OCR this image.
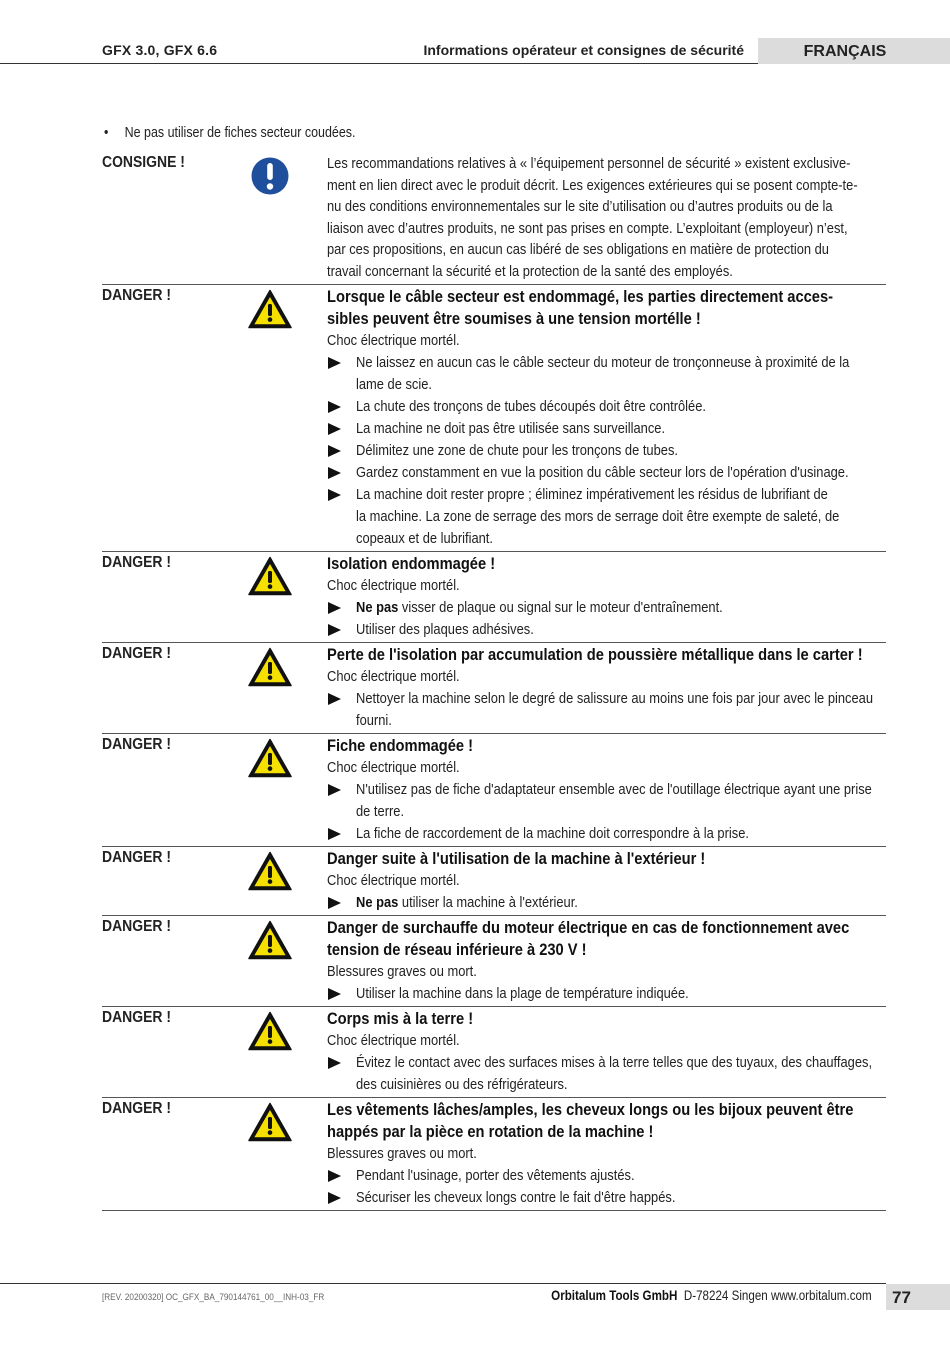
GFX 3.0, GFX 6.6	Informations opérateur et consignes de sécurité	FRANÇAIS
• Ne pas utiliser de fiches secteur coudées.
CONSIGNE !	Les recommandations relatives à « l’équipement personnel de sécurité » existent exclusive-
ment en lien direct avec le produit décrit. Les exigences extérieures qui se posent compte-te-
nu des conditions environnementales sur le site d’utilisation ou d’autres produits ou de la
liaison avec d’autres produits, ne sont pas prises en compte. L’exploitant (employeur) n’est,
par ces propositions, en aucun cas libéré de ses obligations en matière de protection du
travail concernant la sécurité et la protection de la santé des employés.
DANGER !	Lorsque le câble secteur est endommagé, les parties directement acces-
sibles peuvent être soumises à une tension mortélle !
Choc électrique mortél.
Ne laissez en aucun cas le câble secteur du moteur de tronçonneuse à proximité de la
lame de scie.
La chute des tronçons de tubes découpés doit être contrôlée.
La machine ne doit pas être utilisée sans surveillance.
Délimitez une zone de chute pour les tronçons de tubes.
Gardez constamment en vue la position du câble secteur lors de l'opération d'usinage.
La machine doit rester propre ; éliminez impérativement les résidus de lubrifiant de
la machine. La zone de serrage des mors de serrage doit être exempte de saleté, de
copeaux et de lubrifiant.
DANGER !	Isolation endommagée !
Choc électrique mortél.
Ne pas visser de plaque ou signal sur le moteur d'entraînement.
Utiliser des plaques adhésives.
DANGER !	Perte de l'isolation par accumulation de poussière métallique dans le carter !
Choc électrique mortél.
Nettoyer la machine selon le degré de salissure au moins une fois par jour avec le pinceau
fourni.
DANGER !	Fiche endommagée !
Choc électrique mortél.
N'utilisez pas de fiche d'adaptateur ensemble avec de l'outillage électrique ayant une prise
de terre.
La fiche de raccordement de la machine doit correspondre à la prise.
DANGER !	Danger suite à l'utilisation de la machine à l'extérieur !
Choc électrique mortél.
Ne pas utiliser la machine à l'extérieur.
DANGER !	Danger de surchauffe du moteur électrique en cas de fonctionnement avec
tension de réseau inférieure à 230 V !
Blessures graves ou mort.
Utiliser la machine dans la plage de température indiquée.
DANGER !	Corps mis à la terre !
Choc électrique mortél.
Évitez le contact avec des surfaces mises à la terre telles que des tuyaux, des chauffages,
des cuisinières ou des réfrigérateurs.
DANGER !	Les vêtements lâches/amples, les cheveux longs ou les bijoux peuvent être
happés par la pièce en rotation de la machine !
Blessures graves ou mort.
Pendant l'usinage, porter des vêtements ajustés.
Sécuriser les cheveux longs contre le fait d'être happés.
[REV. 20200320] OC_GFX_BA_790144761_00__INH-03_FR	Orbitalum Tools GmbH D-78224 Singen www.orbitalum.com	77
